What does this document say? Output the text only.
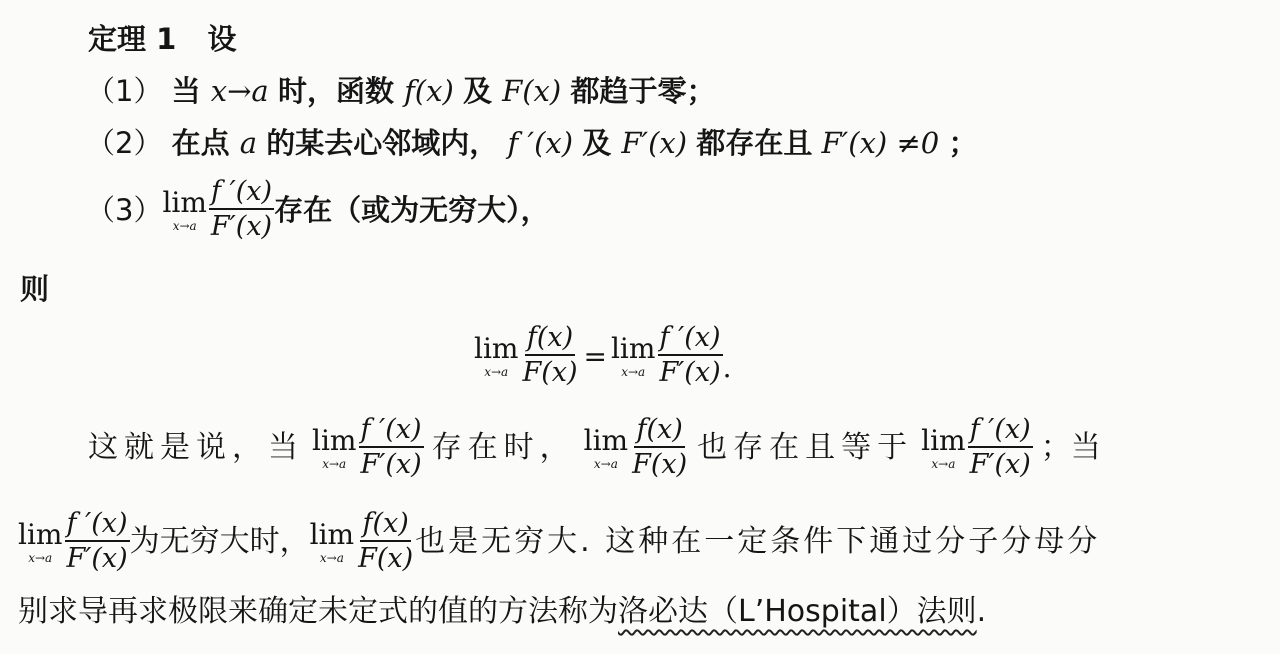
定理 1 设
（1） 当 x→a 时，函数 f(x) 及 F(x) 都趋于零；
（2） 在点 a 的某去心邻域内， f ′(x) 及 F′(x) 都存在且 F′(x) ≠0 ；
（3） lim
$x\to a \frac{f '(x)}{F'(x)}$ 存在（或为无穷大），
则
lim
$x\to a \frac{f(x)}{F(x)} = \lim$
$x\to a \frac{f '(x)}{F'(x)}$ .
这就是说，当 lim
$x\to a \frac{f '(x)}{F'(x)}$ 存在时， lim
$x\to a \frac{f(x)}{F(x)}$ 也存在且等于 lim
$x\to a \frac{f '(x)}{F'(x)}$ ；当
lim
$x\to a \frac{f '(x)}{F'(x)}$ 为无穷大时， lim
$x\to a \frac{f(x)}{F(x)}$ 也是无穷大. 这种在一定条件下通过分子分母分
别求导再求极限来确定未定式的值的方法称为洛必达（L’Hospital）法则.
